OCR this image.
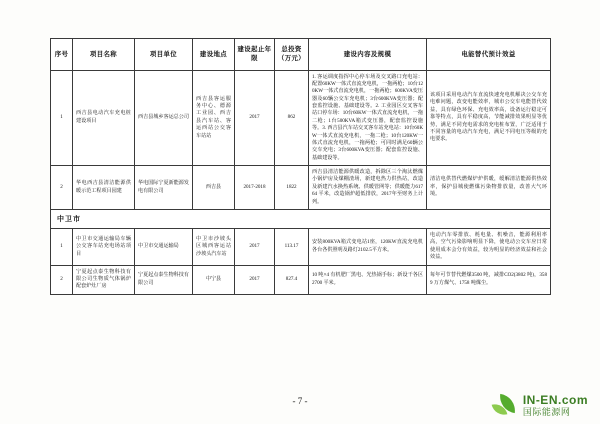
序号	项目名称	项目单位	建设地点	建设起止年限	总投资（万元）	建设内容及规模	电能替代预计效益
1	西吉县电动汽车充电桩建设项目	西吉县城乡客运总公司	西吉县客运服务中心、德源工业园、西吉县汽车站、客运西站公交客车站站	2017	862	1. 客运调度指挥中心停车场及交叉路口充电站：配置60KW一体式直流充电机，一拖两枪；10台120KW一体式直流充电机，一拖两枪；600KVA变压器及60辆公交车充电机；3台600KVA变压器；配套监控设施、基础建设等。2. 工业园区交叉客车站口停车场：10台60KW一体式直流充电机，一拖二枪；1台500KVA箱式变压器，配套监控设施等。3. 西吉县汽车站交叉客车站充电站：10台60KW一体式直流充电机，一拖二枪；10台120KW一体式直流充电机，一拖两枪；可同时满足60辆公交车充电；3台600KVA变压器；配套监控设施、基础建设等。	该项目采用电动汽车直流快速充电机解决公交车充电难问题，改变电能效率，城市公交车电能替代效益，具有绿色环保、充电效率高，设备运行稳定可靠等特点，具有平稳度高，节能减排效果明显等优势，满足不同充电需求的充电桩布置，广泛适用于不同容量的电动汽车充电，满足不同电压等级的充电要求。
2	华电西吉县清洁能源供暖示范工程项目园建	华电国际宁夏新能源发电有限公司	西吉县	2017-2018	1822	西吉县清洁能源供暖改造，拆除区三个淘汰燃煤小锅炉房及煤棚渣场，新建电热力供热站，改造及新建汽水换热系统、供暖管网等；供暖能力61764 平米，改造锅炉超低排放，2017年至财务上计列。	清洁电供替代燃煤炉炉供暖，缓解清洁能源供热效率，保护县城使燃煤污染物排放量，改善大气环境。
中卫市							
1	中卫市交通运输局车辆公交客车站充电场站项目	中卫市交通运输局	中卫市沙坡头区城西客运站沙坡头汽车站	2017	113.17	安装800KVA箱式变电站1座，120KW直流充电机各台各供照明及路灯2102.5平方米。	电动汽车零排放、耗电量、机噪音，能源利用率高，空气污染影响明显下降，使电动公交车应日常使用成本会分有效益，较为明显的经济效益和社会效益。
2	宁夏起点泰生物科技有限公司生物质气体锅炉配套炉灶厂房	宁夏起点泰生物科技有限公司	中宁县	2017	827.4	10 吨×4 有机肥厂黑电、光热锅手标；新设干各区 2700 平米。	每年可节替代燃煤3500 吨，减排CO2(3802 吨)，3589 万方煤气、1758 吨煤尘。
- 7 -	IN-EN.com
国际能源网
